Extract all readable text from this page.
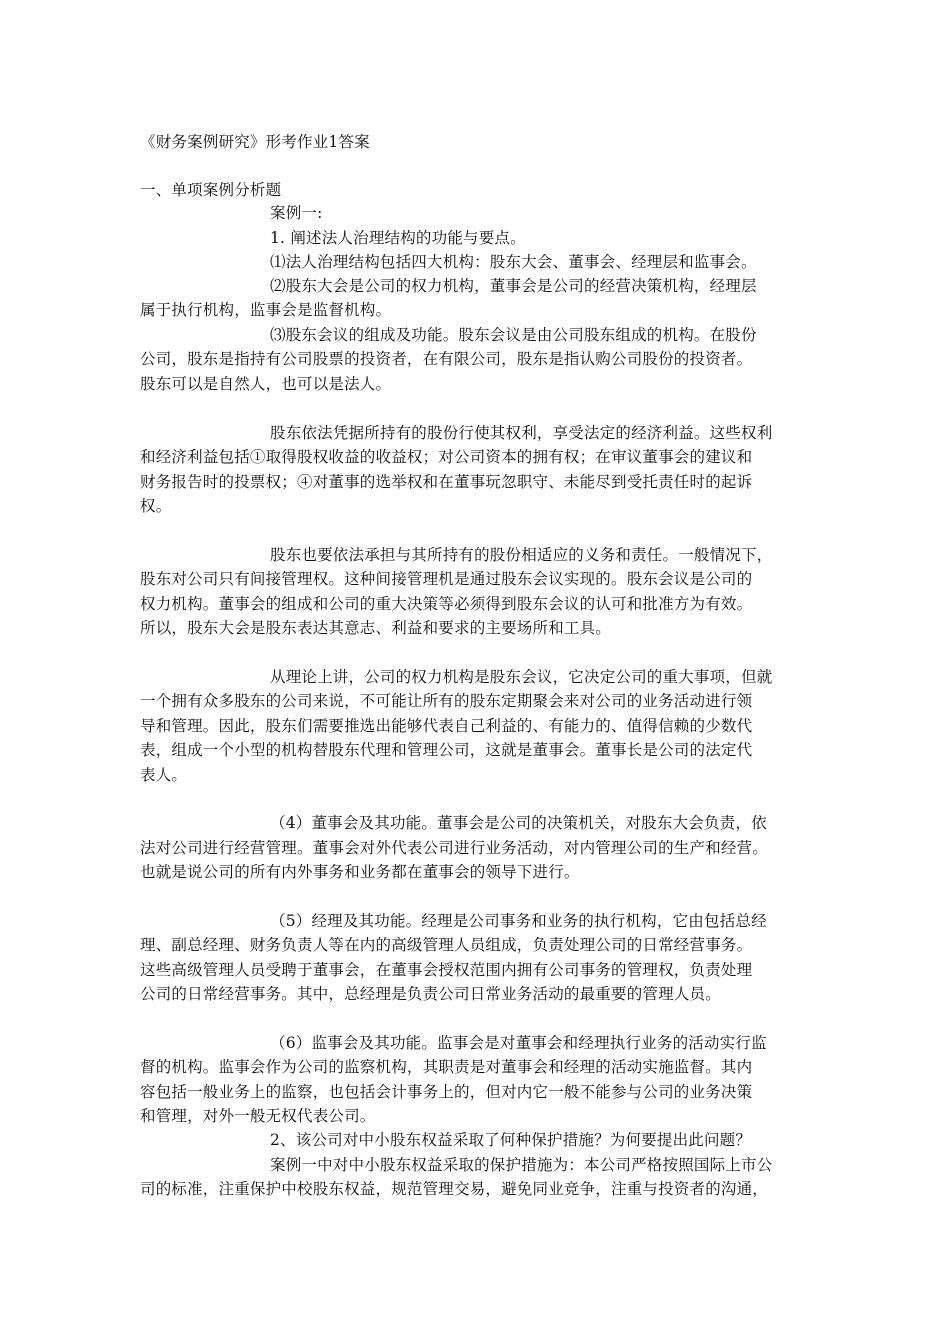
《财务案例研究》形考作业1答案
一、单项案例分析题
案例一:
1. 阐述法人治理结构的功能与要点。
⑴法人治理结构包括四大机构：股东大会、董事会、经理层和监事会。
⑵股东大会是公司的权力机构，董事会是公司的经营决策机构，经理层
属于执行机构，监事会是监督机构。
⑶股东会议的组成及功能。股东会议是由公司股东组成的机构。在股份
公司，股东是指持有公司股票的投资者，在有限公司，股东是指认购公司股份的投资者。
股东可以是自然人，也可以是法人。
股东依法凭据所持有的股份行使其权利，享受法定的经济利益。这些权利
和经济利益包括①取得股权收益的收益权；对公司资本的拥有权；在审议董事会的建议和
财务报告时的投票权；④对董事的选举权和在董事玩忽职守、未能尽到受托责任时的起诉
权。
股东也要依法承担与其所持有的股份相适应的义务和责任。一般情况下，
股东对公司只有间接管理权。这种间接管理机是通过股东会议实现的。股东会议是公司的
权力机构。董事会的组成和公司的重大决策等必须得到股东会议的认可和批准方为有效。
所以，股东大会是股东表达其意志、利益和要求的主要场所和工具。
从理论上讲，公司的权力机构是股东会议，它决定公司的重大事项，但就
一个拥有众多股东的公司来说，不可能让所有的股东定期聚会来对公司的业务活动进行领
导和管理。因此，股东们需要推选出能够代表自己利益的、有能力的、值得信赖的少数代
表，组成一个小型的机构替股东代理和管理公司，这就是董事会。董事长是公司的法定代
表人。
（4）董事会及其功能。董事会是公司的决策机关，对股东大会负责，依
法对公司进行经营管理。董事会对外代表公司进行业务活动，对内管理公司的生产和经营。
也就是说公司的所有内外事务和业务都在董事会的领导下进行。
（5）经理及其功能。经理是公司事务和业务的执行机构，它由包括总经
理、副总经理、财务负责人等在内的高级管理人员组成，负责处理公司的日常经营事务。
这些高级管理人员受聘于董事会，在董事会授权范围内拥有公司事务的管理权，负责处理
公司的日常经营事务。其中，总经理是负责公司日常业务活动的最重要的管理人员。
（6）监事会及其功能。监事会是对董事会和经理执行业务的活动实行监
督的机构。监事会作为公司的监察机构，其职责是对董事会和经理的活动实施监督。其内
容包括一般业务上的监察，也包括会计事务上的，但对内它一般不能参与公司的业务决策
和管理，对外一般无权代表公司。
2、该公司对中小股东权益采取了何种保护措施？为何要提出此问题？
案例一中对中小股东权益采取的保护措施为：本公司严格按照国际上市公
司的标准，注重保护中校股东权益，规范管理交易，避免同业竞争，注重与投资者的沟通，
